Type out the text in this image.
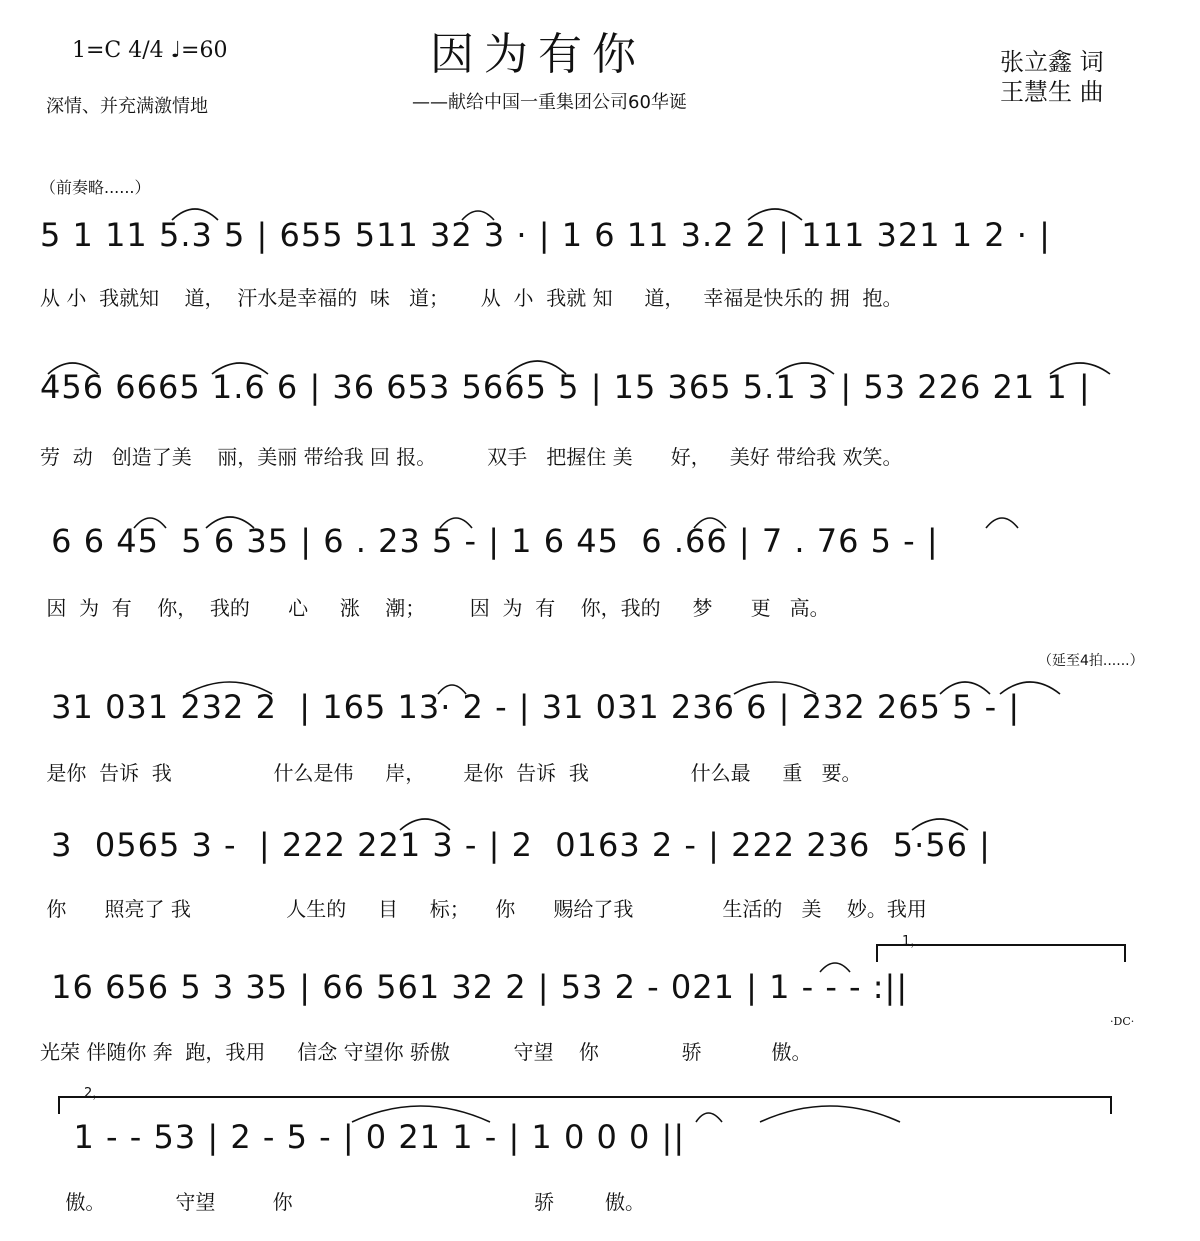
因为有你
——献给中国一重集团公司60华诞
1=C 4/4 ♩=60
深情、并充满激情地
张立鑫 词
王慧生 曲
（前奏略......）
（延至4拍......）
·DC·
5 1 11 5.3 5 | 655 511 32 3 · | 1 6 11 3.2 2 | 111 321 1 2 · |
从 小  我就知    道，  汗水是幸福的  味   道；     从  小  我就 知     道，   幸福是快乐的 拥  抱。
456 6665 1.6 6 | 36 653 5665 5 | 15 365 5.1 3 | 53 226 21 1 |
劳  动   创造了美    丽，美丽 带给我 回 报。        双手   把握住 美      好，   美好 带给我 欢笑。
6 6 45  5 6 35 | 6 . 23 5 - | 1 6 45  6 .66 | 7 . 76 5 - |
因  为  有    你，  我的      心     涨    潮；       因  为  有    你，我的     梦      更   高。
31 031 232 2  | 165 13· 2 - | 31 031 236 6 | 232 265 5 - |
是你  告诉  我                什么是伟     岸，      是你  告诉  我                什么最     重   要。
3  0565 3 -  | 222 221 3 - | 2  0163 2 - | 222 236  5·56 |
你      照亮了 我               人生的     目     标；    你      赐给了我              生活的   美    妙。我用
16 656 5 3 35 | 66 561 32 2 | 53 2 - 021 | 1 - - - :||
光荣 伴随你 奔  跑，我用     信念 守望你 骄傲          守望    你             骄           傲。
1 - - 53 | 2 - 5 - | 0 21 1 - | 1 0 0 0 ||
傲。           守望         你                                      骄        傲。
1，
2，
